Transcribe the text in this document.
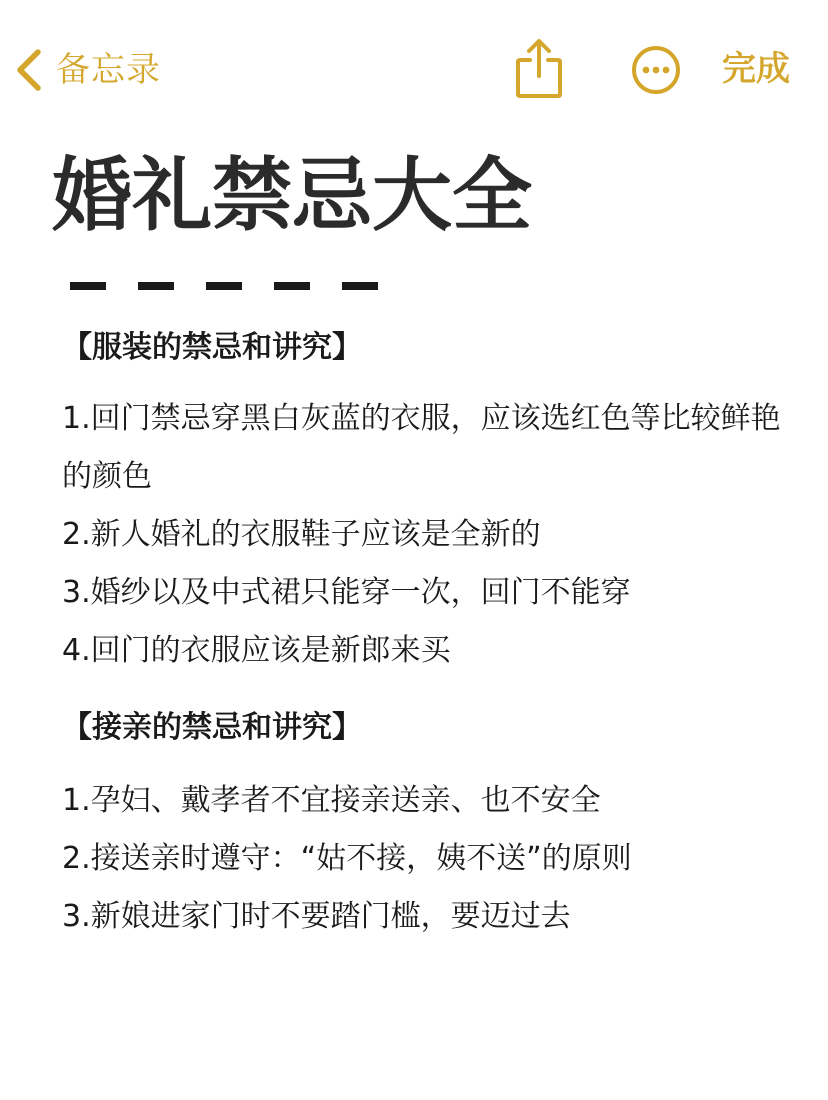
备忘录	完成
婚礼禁忌大全

【服装的禁忌和讲究】

1.回门禁忌穿黑白灰蓝的衣服，应该选红色等比较鲜艳的颜色
2.新人婚礼的衣服鞋子应该是全新的
3.婚纱以及中式裙只能穿一次，回门不能穿
4.回门的衣服应该是新郎来买

【接亲的禁忌和讲究】

1.孕妇、戴孝者不宜接亲送亲、也不安全
2.接送亲时遵守：“姑不接，姨不送”的原则
3.新娘进家门时不要踏门槛，要迈过去
